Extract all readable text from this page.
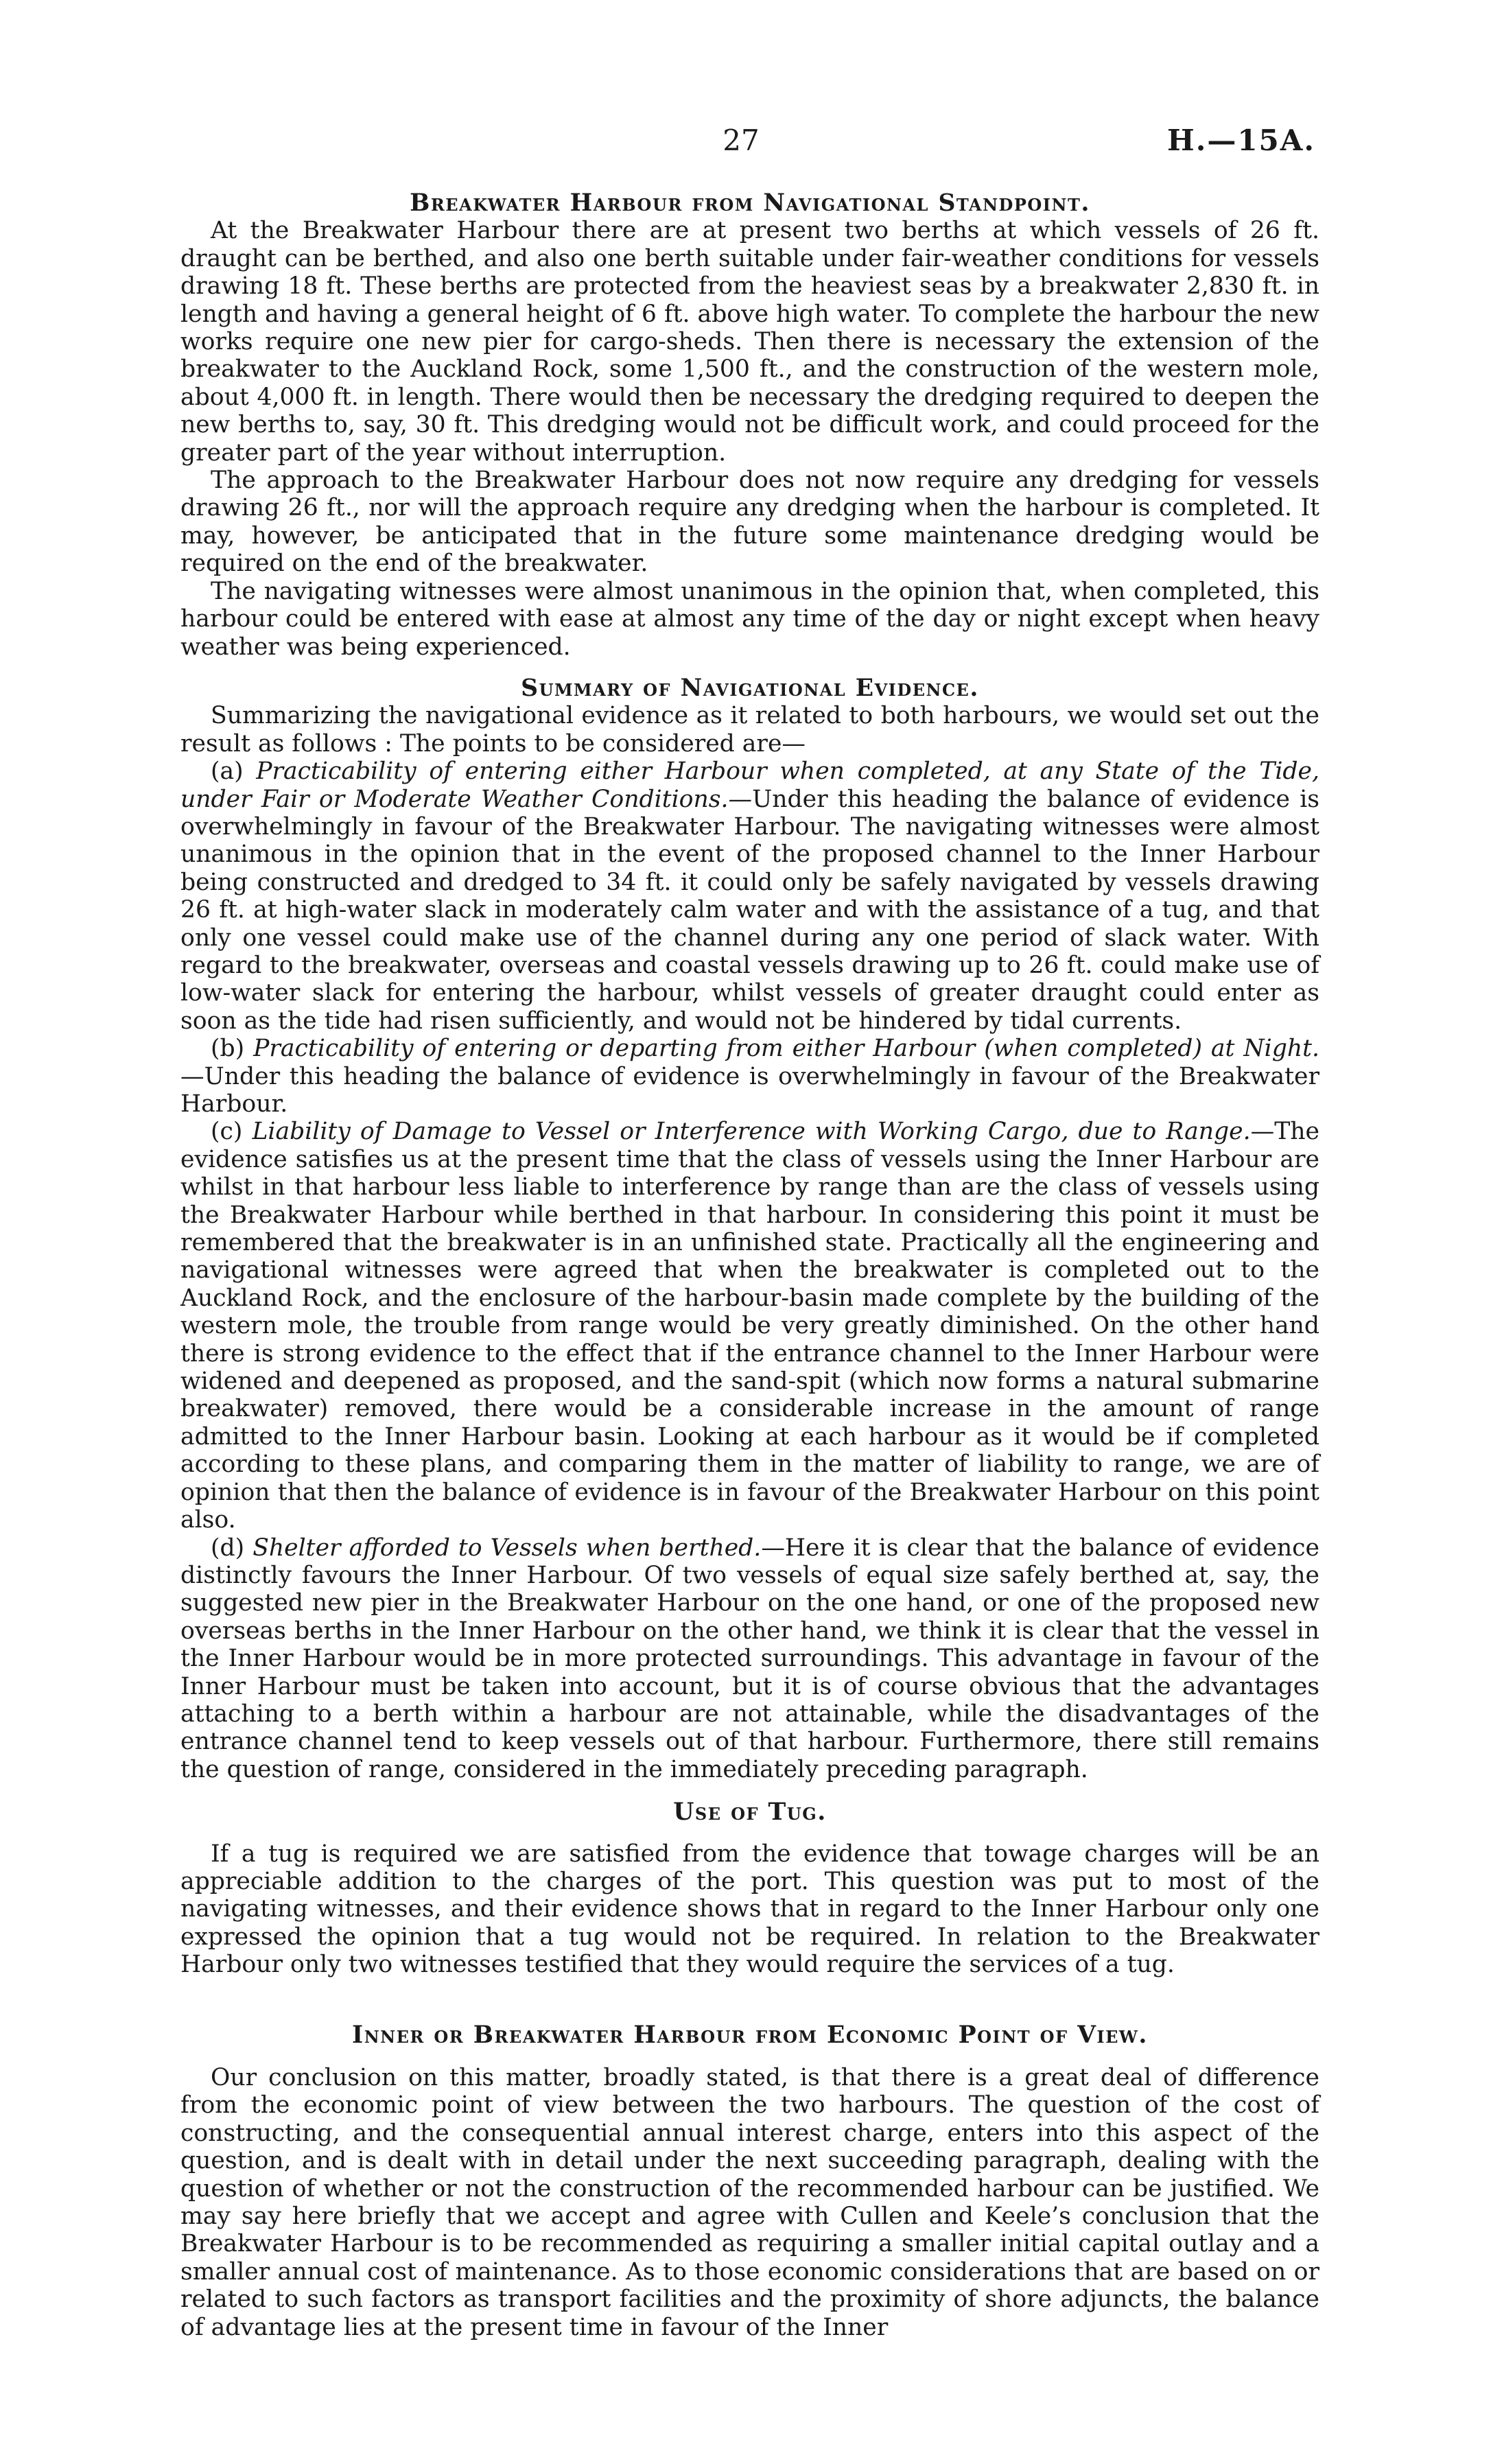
27	H.—15A.
Breakwater Harbour from Navigational Standpoint.

At the Breakwater Harbour there are at present two berths at which vessels of 26 ft. draught can be berthed, and also one berth suitable under fair-weather conditions for vessels drawing 18 ft. These berths are protected from the heaviest seas by a breakwater 2,830 ft. in length and having a general height of 6 ft. above high water. To complete the harbour the new works require one new pier for cargo-sheds. Then there is necessary the extension of the breakwater to the Auckland Rock, some 1,500 ft., and the construction of the western mole, about 4,000 ft. in length. There would then be necessary the dredging required to deepen the new berths to, say, 30 ft. This dredging would not be difficult work, and could proceed for the greater part of the year without interruption.

The approach to the Breakwater Harbour does not now require any dredging for vessels drawing 26 ft., nor will the approach require any dredging when the harbour is completed. It may, however, be anticipated that in the future some maintenance dredging would be required on the end of the breakwater.

The navigating witnesses were almost unanimous in the opinion that, when completed, this harbour could be entered with ease at almost any time of the day or night except when heavy weather was being experienced.

Summary of Navigational Evidence.

Summarizing the navigational evidence as it related to both harbours, we would set out the result as follows : The points to be considered are—

(a) Practicability of entering either Harbour when completed, at any State of the Tide, under Fair or Moderate Weather Conditions.—Under this heading the balance of evidence is overwhelmingly in favour of the Breakwater Harbour. The navigating witnesses were almost unanimous in the opinion that in the event of the proposed channel to the Inner Harbour being constructed and dredged to 34 ft. it could only be safely navigated by vessels drawing 26 ft. at high-water slack in moderately calm water and with the assistance of a tug, and that only one vessel could make use of the channel during any one period of slack water. With regard to the breakwater, overseas and coastal vessels drawing up to 26 ft. could make use of low-water slack for entering the harbour, whilst vessels of greater draught could enter as soon as the tide had risen sufficiently, and would not be hindered by tidal currents.

(b) Practicability of entering or departing from either Harbour (when completed) at Night.—Under this heading the balance of evidence is overwhelmingly in favour of the Breakwater Harbour.

(c) Liability of Damage to Vessel or Interference with Working Cargo, due to Range.—The evidence satisfies us at the present time that the class of vessels using the Inner Harbour are whilst in that harbour less liable to interference by range than are the class of vessels using the Breakwater Harbour while berthed in that harbour. In considering this point it must be remembered that the breakwater is in an unfinished state. Practically all the engineering and navigational witnesses were agreed that when the breakwater is completed out to the Auckland Rock, and the enclosure of the harbour-basin made complete by the building of the western mole, the trouble from range would be very greatly diminished. On the other hand there is strong evidence to the effect that if the entrance channel to the Inner Harbour were widened and deepened as proposed, and the sand-spit (which now forms a natural submarine breakwater) removed, there would be a considerable increase in the amount of range admitted to the Inner Harbour basin. Looking at each harbour as it would be if completed according to these plans, and comparing them in the matter of liability to range, we are of opinion that then the balance of evidence is in favour of the Breakwater Harbour on this point also.

(d) Shelter afforded to Vessels when berthed.—Here it is clear that the balance of evidence distinctly favours the Inner Harbour. Of two vessels of equal size safely berthed at, say, the suggested new pier in the Breakwater Harbour on the one hand, or one of the proposed new overseas berths in the Inner Harbour on the other hand, we think it is clear that the vessel in the Inner Harbour would be in more protected surroundings. This advantage in favour of the Inner Harbour must be taken into account, but it is of course obvious that the advantages attaching to a berth within a harbour are not attainable, while the disadvantages of the entrance channel tend to keep vessels out of that harbour. Furthermore, there still remains the question of range, considered in the immediately preceding paragraph.

Use of Tug.

If a tug is required we are satisfied from the evidence that towage charges will be an appreciable addition to the charges of the port. This question was put to most of the navigating witnesses, and their evidence shows that in regard to the Inner Harbour only one expressed the opinion that a tug would not be required. In relation to the Breakwater Harbour only two witnesses testified that they would require the services of a tug.

Inner or Breakwater Harbour from Economic Point of View.

Our conclusion on this matter, broadly stated, is that there is a great deal of difference from the economic point of view between the two harbours. The question of the cost of constructing, and the consequential annual interest charge, enters into this aspect of the question, and is dealt with in detail under the next succeeding paragraph, dealing with the question of whether or not the construction of the recommended harbour can be justified. We may say here briefly that we accept and agree with Cullen and Keele’s conclusion that the Breakwater Harbour is to be recommended as requiring a smaller initial capital outlay and a smaller annual cost of maintenance. As to those economic considerations that are based on or related to such factors as transport facilities and the proximity of shore adjuncts, the balance of advantage lies at the present time in favour of the Inner
